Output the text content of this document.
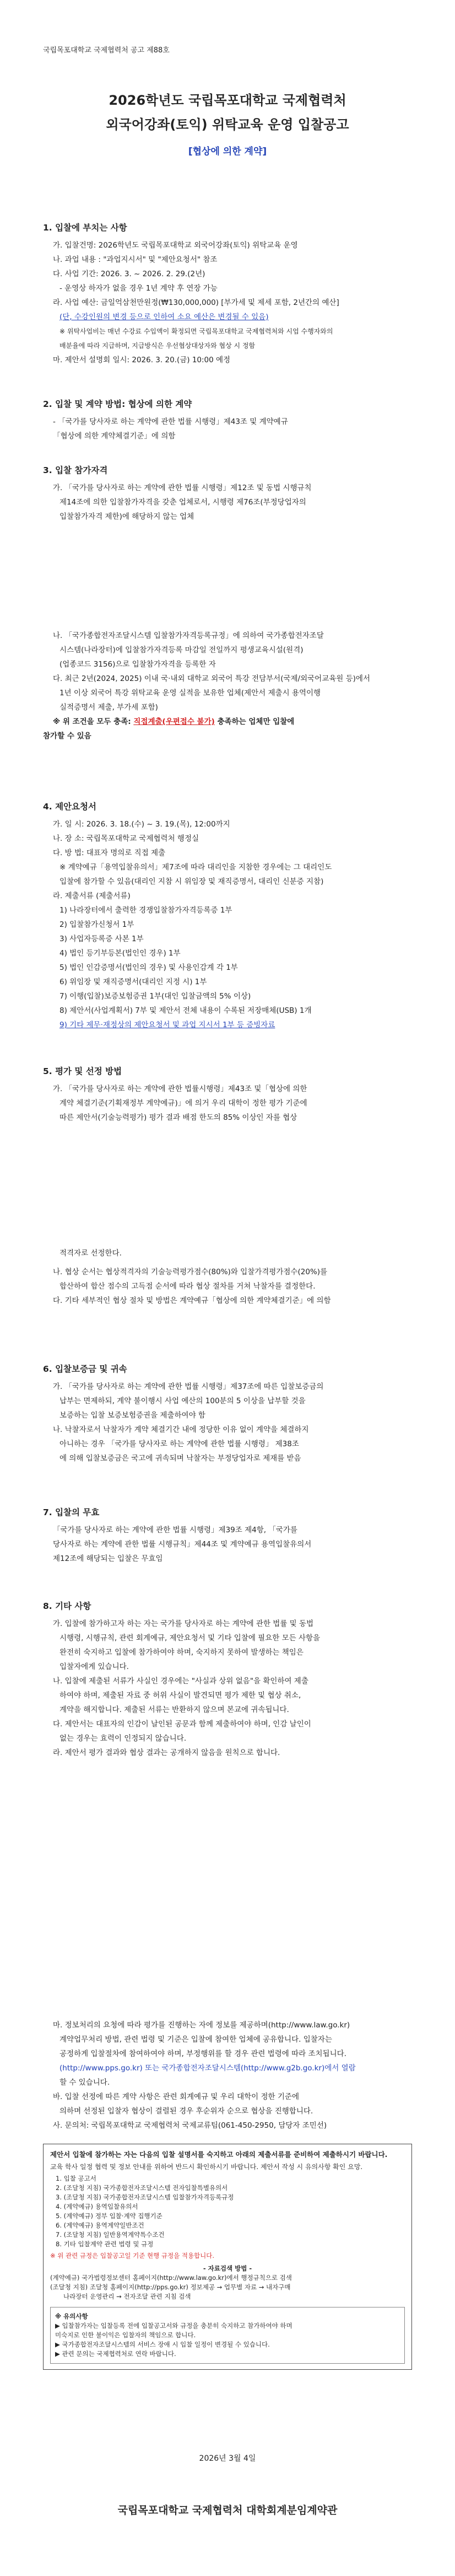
국립목포대학교 국제협력처 공고 제88호
2026학년도 국립목포대학교 국제협력처
외국어강좌(토익) 위탁교육 운영 입찰공고
[협상에 의한 계약]
1. 입찰에 부치는 사항
가. 입찰건명: 2026학년도 국립목포대학교 외국어강좌(토익) 위탁교육 운영
나. 과업 내용 : "과업지시서" 및 "제안요청서" 참조
다. 사업 기간: 2026. 3. ~ 2026. 2. 29.(2년)
- 운영상 하자가 없을 경우 1년 계약 후 연장 가능
라. 사업 예산: 금일억삼천만원정(₩130,000,000) [부가세 및 제세 포함, 2년간의 예산]
(단, 수강인원의 변경 등으로 인하여 소요 예산은 변경될 수 있음)
※ 위탁사업비는 매년 수강료 수입액이 확정되면 국립목포대학교 국제협력처와 시업 수행자와의
배분율에 따라 지급하며, 지급방식은 우선협상대상자와 협상 시 정함
마. 제안서 설명회 일시: 2026. 3. 20.(금) 10:00 예정
2. 입찰 및 계약 방법: 협상에 의한 계약
- 「국가를 당사자로 하는 계약에 관한 법률 시행령」제43조 및 계약예규
「협상에 의한 계약체결기준」에 의함
3. 입찰 참가자격
가. 「국가를 당사자로 하는 계약에 관한 법률 시행령」제12조 및 동법 시행규칙
제14조에 의한 입찰참가자격을 갖춘 업체로서, 시행령 제76조(부정당업자의
입찰참가자격 제한)에 해당하지 않는 업체
나. 「국가종합전자조달시스템 입찰참가자격등록규정」에 의하여 국가종합전자조달
시스템(나라장터)에 입찰참가자격등록 마감일 전일까지 평생교육시설(원격)
(업종코드 3156)으로 입찰참가자격을 등록한 자
다. 최근 2년(2024, 2025) 이내 국·내외 대학교 외국어 특강 전담부서(국제/외국어교육원 등)에서
1년 이상 외국어 특강 위탁교육 운영 실적을 보유한 업체(제안서 제출시 용역이행
실적증명서 제출, 부가세 포함)
※ 위 조건을 모두 충족: 직접계출(우편접수 불가) 충족하는 업체만 입찰에
참가할 수 있음
4. 제안요청서
가. 일 시: 2026. 3. 18.(수) ~ 3. 19.(목), 12:00까지
나. 장 소: 국립목포대학교 국제협력처 행정실
다. 방 법: 대표자 명의로 직접 제출
※ 계약예규「용역입찰유의서」제7조에 따라 대리인을 지참한 경우에는 그 대리인도
입찰에 참가할 수 있음(대리인 지참 시 위임장 및 재직증명서, 대리인 신분증 지참)
라. 제출서류 (제출서류)
1) 나라장터에서 출력한 경쟁입찰참가자격등록증 1부
2) 입찰참가신청서 1부
3) 사업자등록증 사본 1부
4) 법인 등기부등본(법인인 경우) 1부
5) 법인 인감증명서(법인의 경우) 및 사용인감계 각 1부
6) 위임장 및 재직증명서(대리인 지정 시) 1부
7) 이행(입찰)보증보험증권 1부(대인 입찰금액의 5% 이상)
8) 제안서(사업계획서) 7부 및 제안서 전체 내용이 수록된 저장매체(USB) 1개
9) 기타 제무·재정상의 제안요청서 및 과업 지시서 1부 등 증빙자료
5. 평가 및 선정 방법
가. 「국가를 당사자로 하는 계약에 관한 법률시행령」제43조 및「협상에 의한
계약 체결기준(기획재정부 계약예규)」에 의거 우리 대학이 정한 평가 기준에
따른 제안서(기술능력평가) 평가 결과 배점 한도의 85% 이상인 자를 협상
적격자로 선정한다.
나. 협상 순서는 협상적격자의 기술능력평가점수(80%)와 입찰가격평가점수(20%)를
합산하여 합산 점수의 고득점 순서에 따라 협상 절차를 거쳐 낙찰자를 결정한다.
다. 기타 세부적인 협상 절차 및 방법은 계약예규「협상에 의한 계약체결기준」에 의함
6. 입찰보증금 및 귀속
가. 「국가를 당사자로 하는 계약에 관한 법률 시행령」제37조에 따른 입찰보증금의
납부는 면제하되, 계약 불이행시 사업 예산의 100분의 5 이상을 납부할 것을
보증하는 입찰 보증보험증권을 제출하여야 함
나. 낙찰자로서 낙찰자가 계약 체결기간 내에 정당한 이유 없이 계약을 체결하지
아니하는 경우 「국가를 당사자로 하는 계약에 관한 법률 시행령」 제38조
에 의해 입찰보증금은 국고에 귀속되며 낙찰자는 부정당업자로 제재를 받음
7. 입찰의 무효
「국가를 당사자로 하는 계약에 관한 법률 시행령」제39조 제4항, 「국가를
당사자로 하는 계약에 관한 법률 시행규칙」제44조 및 계약예규 용역입찰유의서
제12조에 해당되는 입찰은 무효임
8. 기타 사항
가. 입찰에 참가하고자 하는 자는 국가를 당사자로 하는 계약에 관한 법률 및 동법
시행령, 시행규칙, 관련 회계예규, 제안요청서 및 기타 입찰에 필요한 모든 사항을
완전히 숙지하고 입찰에 참가하여야 하며, 숙지하지 못하여 발생하는 책임은
입찰자에게 있습니다.
나. 입찰에 제출된 서류가 사실인 경우에는 "사실과 상위 없음"을 확인하여 제출
하여야 하며, 제출된 자료 중 허위 사실이 발견되면 평가 제한 및 협상 취소,
계약을 해지합니다. 제출된 서류는 반환하지 않으며 본교에 귀속됩니다.
다. 제안서는 대표자의 인감이 날인된 공문과 함께 제출하여야 하며, 인감 날인이
없는 경우는 효력이 인정되지 않습니다.
라. 제안서 평가 결과와 협상 결과는 공개하지 않음을 원칙으로 합니다.
마. 정보처리의 요청에 따라 평가를 진행하는 자에 정보를 제공하며(http://www.law.go.kr)
계약업무처리 방법, 관련 법령 및 기준은 입찰에 참여한 업체에 공유합니다. 입찰자는
공정하게 입찰절차에 참여하여야 하며, 부정행위를 할 경우 관련 법령에 따라 조치됩니다.
(http://www.pps.go.kr) 또는 국가종합전자조달시스템(http://www.g2b.go.kr)에서 열람
할 수 있습니다.
바. 입찰 선정에 따른 계약 사항은 관련 회계예규 및 우리 대학이 정한 기준에
의하며 선정된 입찰자 협상이 결렬된 경우 후순위자 순으로 협상을 진행합니다.
사. 문의처: 국립목포대학교 국제협력처 국제교류팀(061-450-2950, 담당자 조민선)
제안서 입찰에 참가하는 자는 다음의 입찰 설명서를 숙지하고 아래의 제출서류를 준비하여 제출하시기 바랍니다.
교육 학사 일정 협력 및 정보 안내를 위하여 반드시 확인하시기 바랍니다. 제안서 작성 시 유의사항 확인 요망.
1. 입찰 공고서
2. (조달청 지침) 국가종합전자조달시스템 전자입찰특별유의서
3. (조달청 지침) 국가종합전자조달시스템 입찰참가자격등록규정
4. (계약예규) 용역입찰유의서
5. (계약예규) 정부 입찰·계약 집행기준
6. (계약예규) 용역계약일반조건
7. (조달청 지침) 일반용역계약특수조건
8. 기타 입찰계약 관련 법령 및 규정
※ 위 관련 규정은 입찰공고일 기준 현행 규정을 적용합니다.
- 자료검색 방법 -
(계약예규) 국가법령정보센터 홈페이지(http://www.law.go.kr)에서 행정규칙으로 검색
(조달청 지침) 조달청 홈페이지(http://pps.go.kr) 정보제공 → 업무별 자료 → 내자구매
나라장터 운영관리 → 전자조달 관련 지침 검색
※ 유의사항
▶ 입찰참가자는 입찰등록 전에 입찰공고서와 규정을 충분히 숙지하고 참가하여야 하며
미숙지로 인한 불이익은 입찰자의 책임으로 합니다.
▶ 국가종합전자조달시스템의 서비스 장애 시 입찰 일정이 변경될 수 있습니다.
▶ 관련 문의는 국제협력처로 연락 바랍니다.
2026년 3월 4일
국립목포대학교 국제협력처 대학회계분임계약관
